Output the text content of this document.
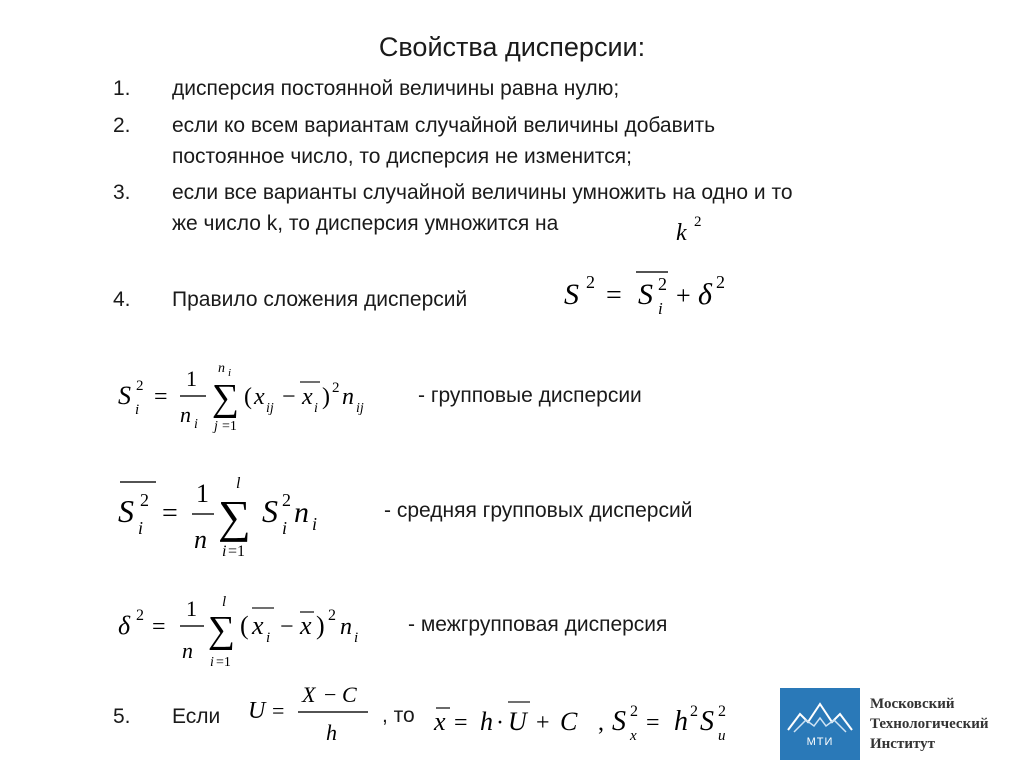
Свойства дисперсии:
1. дисперсия постоянной величины равна нулю;
2. если ко всем вариантам случайной величины добавить
постоянное число, то дисперсия не изменится;
3. если все варианты случайной величины умножить на одно и то
же число k, то дисперсия умножится на	k 2
4. Правило сложения дисперсий	S 2 = S 2
i + δ 2
S 2
i =
1
n i
n i
∑
j =1
( x ij − x i ) 2 n ij
- групповые дисперсии
S 2
i =
1
n
l
∑
i =1
S 2
i n i
- средняя групповых дисперсий
δ 2 =
1
n
l
∑
i =1
( x i − x ) 2 n i
- межгрупповая дисперсия
5. Если U =
X − C
h
, то x = h · U + C , S 2
x = h 2 S 2
u	МТИ
Московский
Технологический
Институт
